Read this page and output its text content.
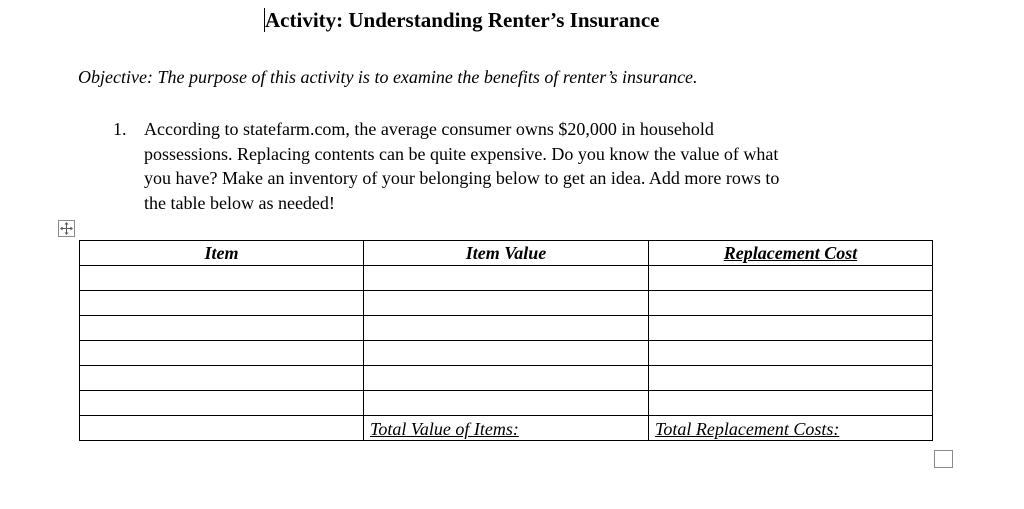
Activity: Understanding Renter’s Insurance
Objective: The purpose of this activity is to examine the benefits of renter’s insurance.
1. According to statefarm.com, the average consumer owns $20,000 in household
possessions. Replacing contents can be quite expensive. Do you know the value of what
you have? Make an inventory of your belonging below to get an idea. Add more rows to
the table below as needed!
Item	Item Value	Replacement Cost

	Total Value of Items:	Total Replacement Costs:
